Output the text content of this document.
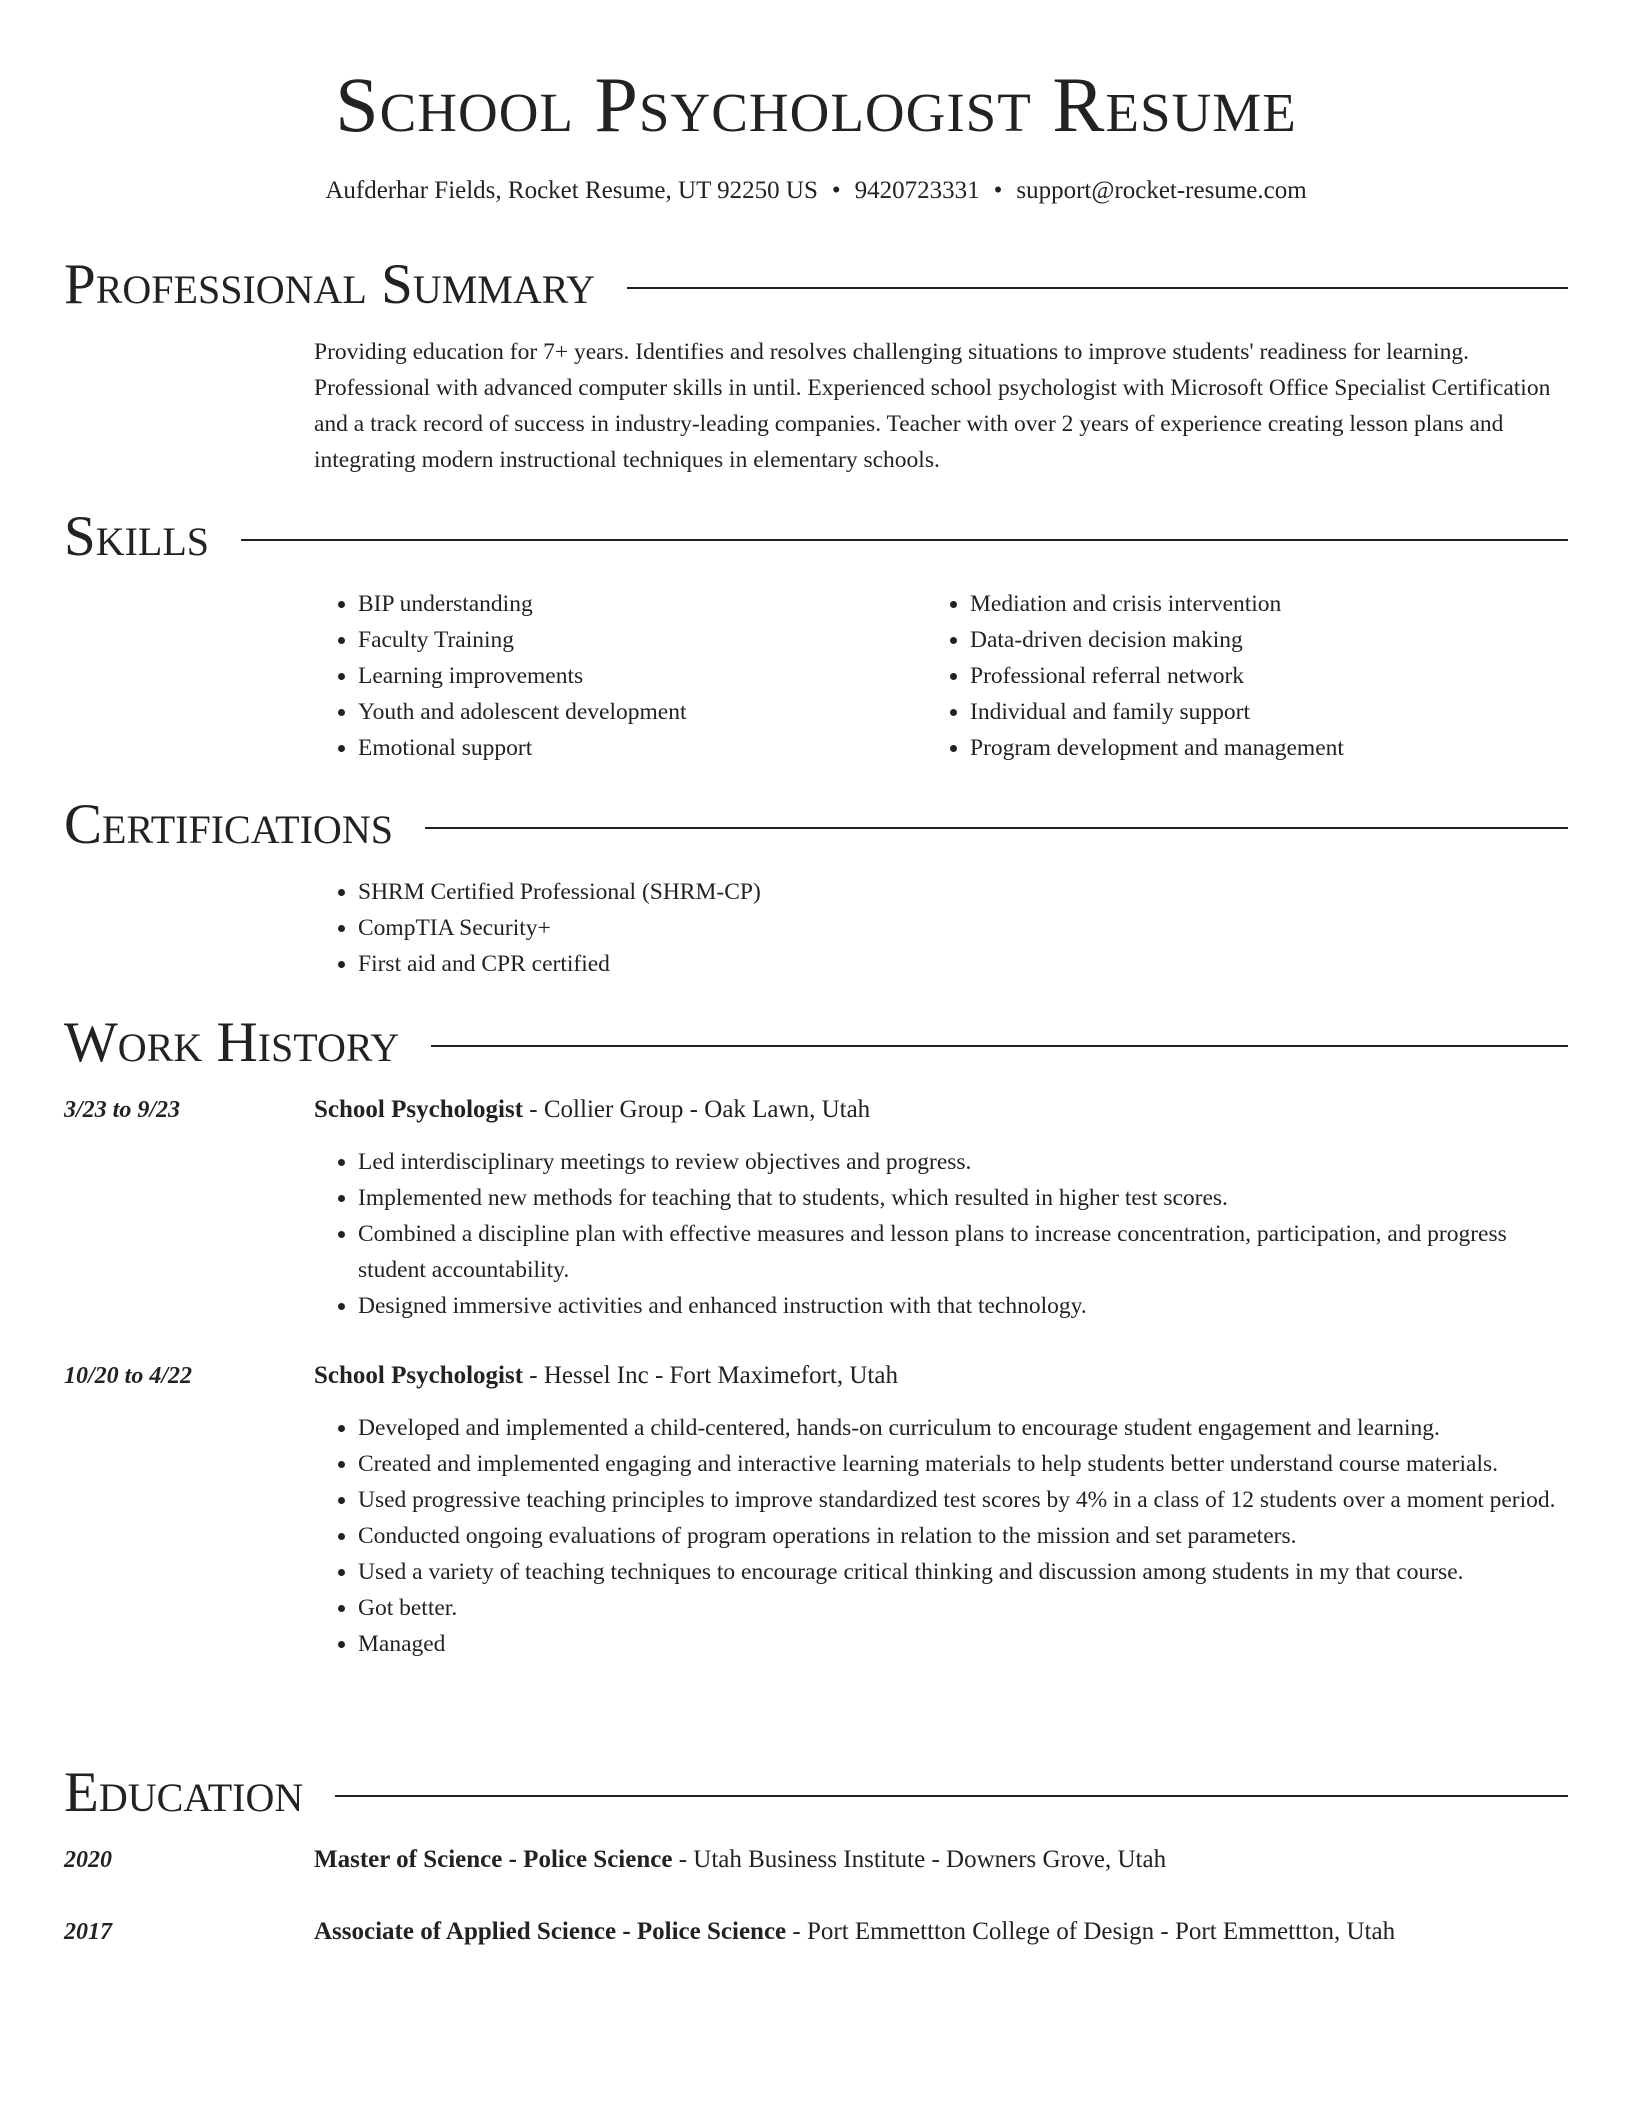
School Psychologist Resume
Aufderhar Fields, Rocket Resume, UT 92250 US • 9420723331 • support@rocket-resume.com
Professional Summary

Providing education for 7+ years. Identifies and resolves challenging situations to improve students' readiness for learning. Professional with advanced computer skills in until. Experienced school psychologist with Microsoft Office Specialist Certification and a track record of success in industry-leading companies. Teacher with over 2 years of experience creating lesson plans and integrating modern instructional techniques in elementary schools.

Skills
• BIP understanding
• Faculty Training
• Learning improvements
• Youth and adolescent development
• Emotional support
• Mediation and crisis intervention
• Data-driven decision making
• Professional referral network
• Individual and family support
• Program development and management
Certifications
• SHRM Certified Professional (SHRM-CP)
• CompTIA Security+
• First aid and CPR certified
Work History
3/23 to 9/23	School Psychologist - Collier Group - Oak Lawn, Utah
• Led interdisciplinary meetings to review objectives and progress.
• Implemented new methods for teaching that to students, which resulted in higher test scores.
• Combined a discipline plan with effective measures and lesson plans to increase concentration, participation, and progress student accountability.
• Designed immersive activities and enhanced instruction with that technology.
10/20 to 4/22	School Psychologist - Hessel Inc - Fort Maximefort, Utah
• Developed and implemented a child-centered, hands-on curriculum to encourage student engagement and learning.
• Created and implemented engaging and interactive learning materials to help students better understand course materials.
• Used progressive teaching principles to improve standardized test scores by 4% in a class of 12 students over a moment period.
• Conducted ongoing evaluations of program operations in relation to the mission and set parameters.
• Used a variety of teaching techniques to encourage critical thinking and discussion among students in my that course.
• Got better.
• Managed
Education
2020	Master of Science - Police Science - Utah Business Institute - Downers Grove, Utah
2017	Associate of Applied Science - Police Science - Port Emmettton College of Design - Port Emmettton, Utah
